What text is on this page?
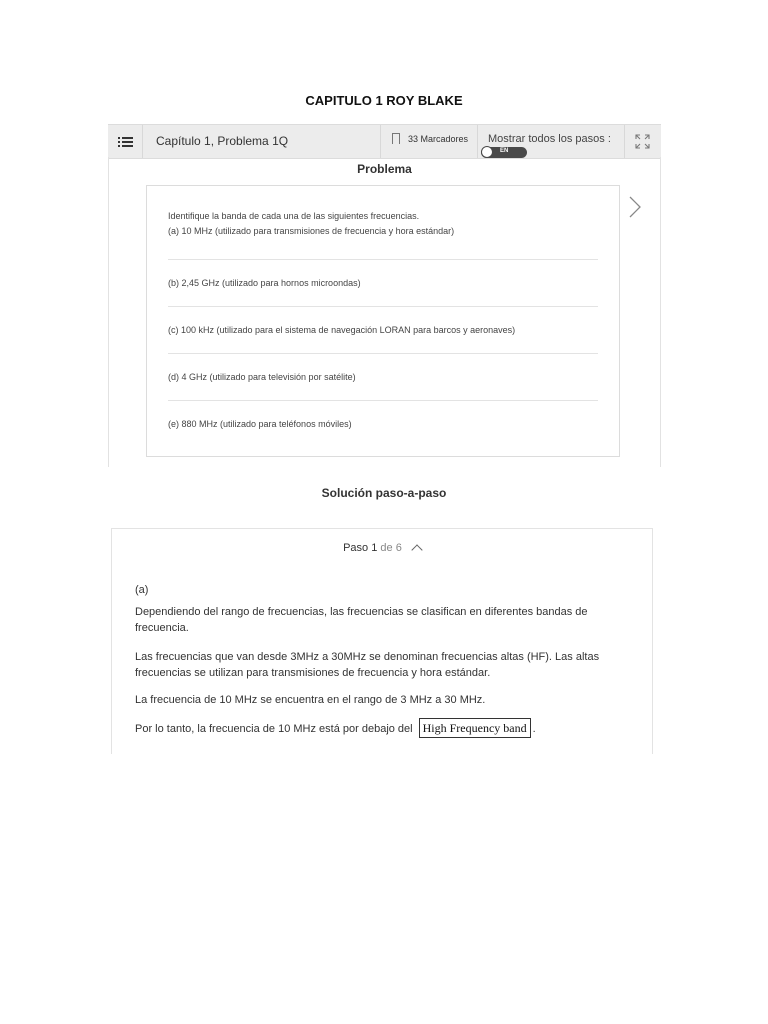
CAPITULO 1 ROY BLAKE
Capítulo 1, Problema 1Q	33 Marcadores Mostrar todos los pasos :
EN
Problema
Identifique la banda de cada una de las siguientes frecuencias.
(a) 10 MHz (utilizado para transmisiones de frecuencia y hora estándar)
(b) 2,45 GHz (utilizado para hornos microondas)
(c) 100 kHz (utilizado para el sistema de navegación LORAN para barcos y aeronaves)
(d) 4 GHz (utilizado para televisión por satélite)
(e) 880 MHz (utilizado para teléfonos móviles)
Solución paso-a-paso
Paso 1 de 6
(a)
Dependiendo del rango de frecuencias, las frecuencias se clasifican en diferentes bandas de frecuencia.
Las frecuencias que van desde 3MHz a 30MHz se denominan frecuencias altas (HF). Las altas frecuencias se utilizan para transmisiones de frecuencia y hora estándar.
La frecuencia de 10 MHz se encuentra en el rango de 3 MHz a 30 MHz.
Por lo tanto, la frecuencia de 10 MHz está por debajo del High Frequency band .
